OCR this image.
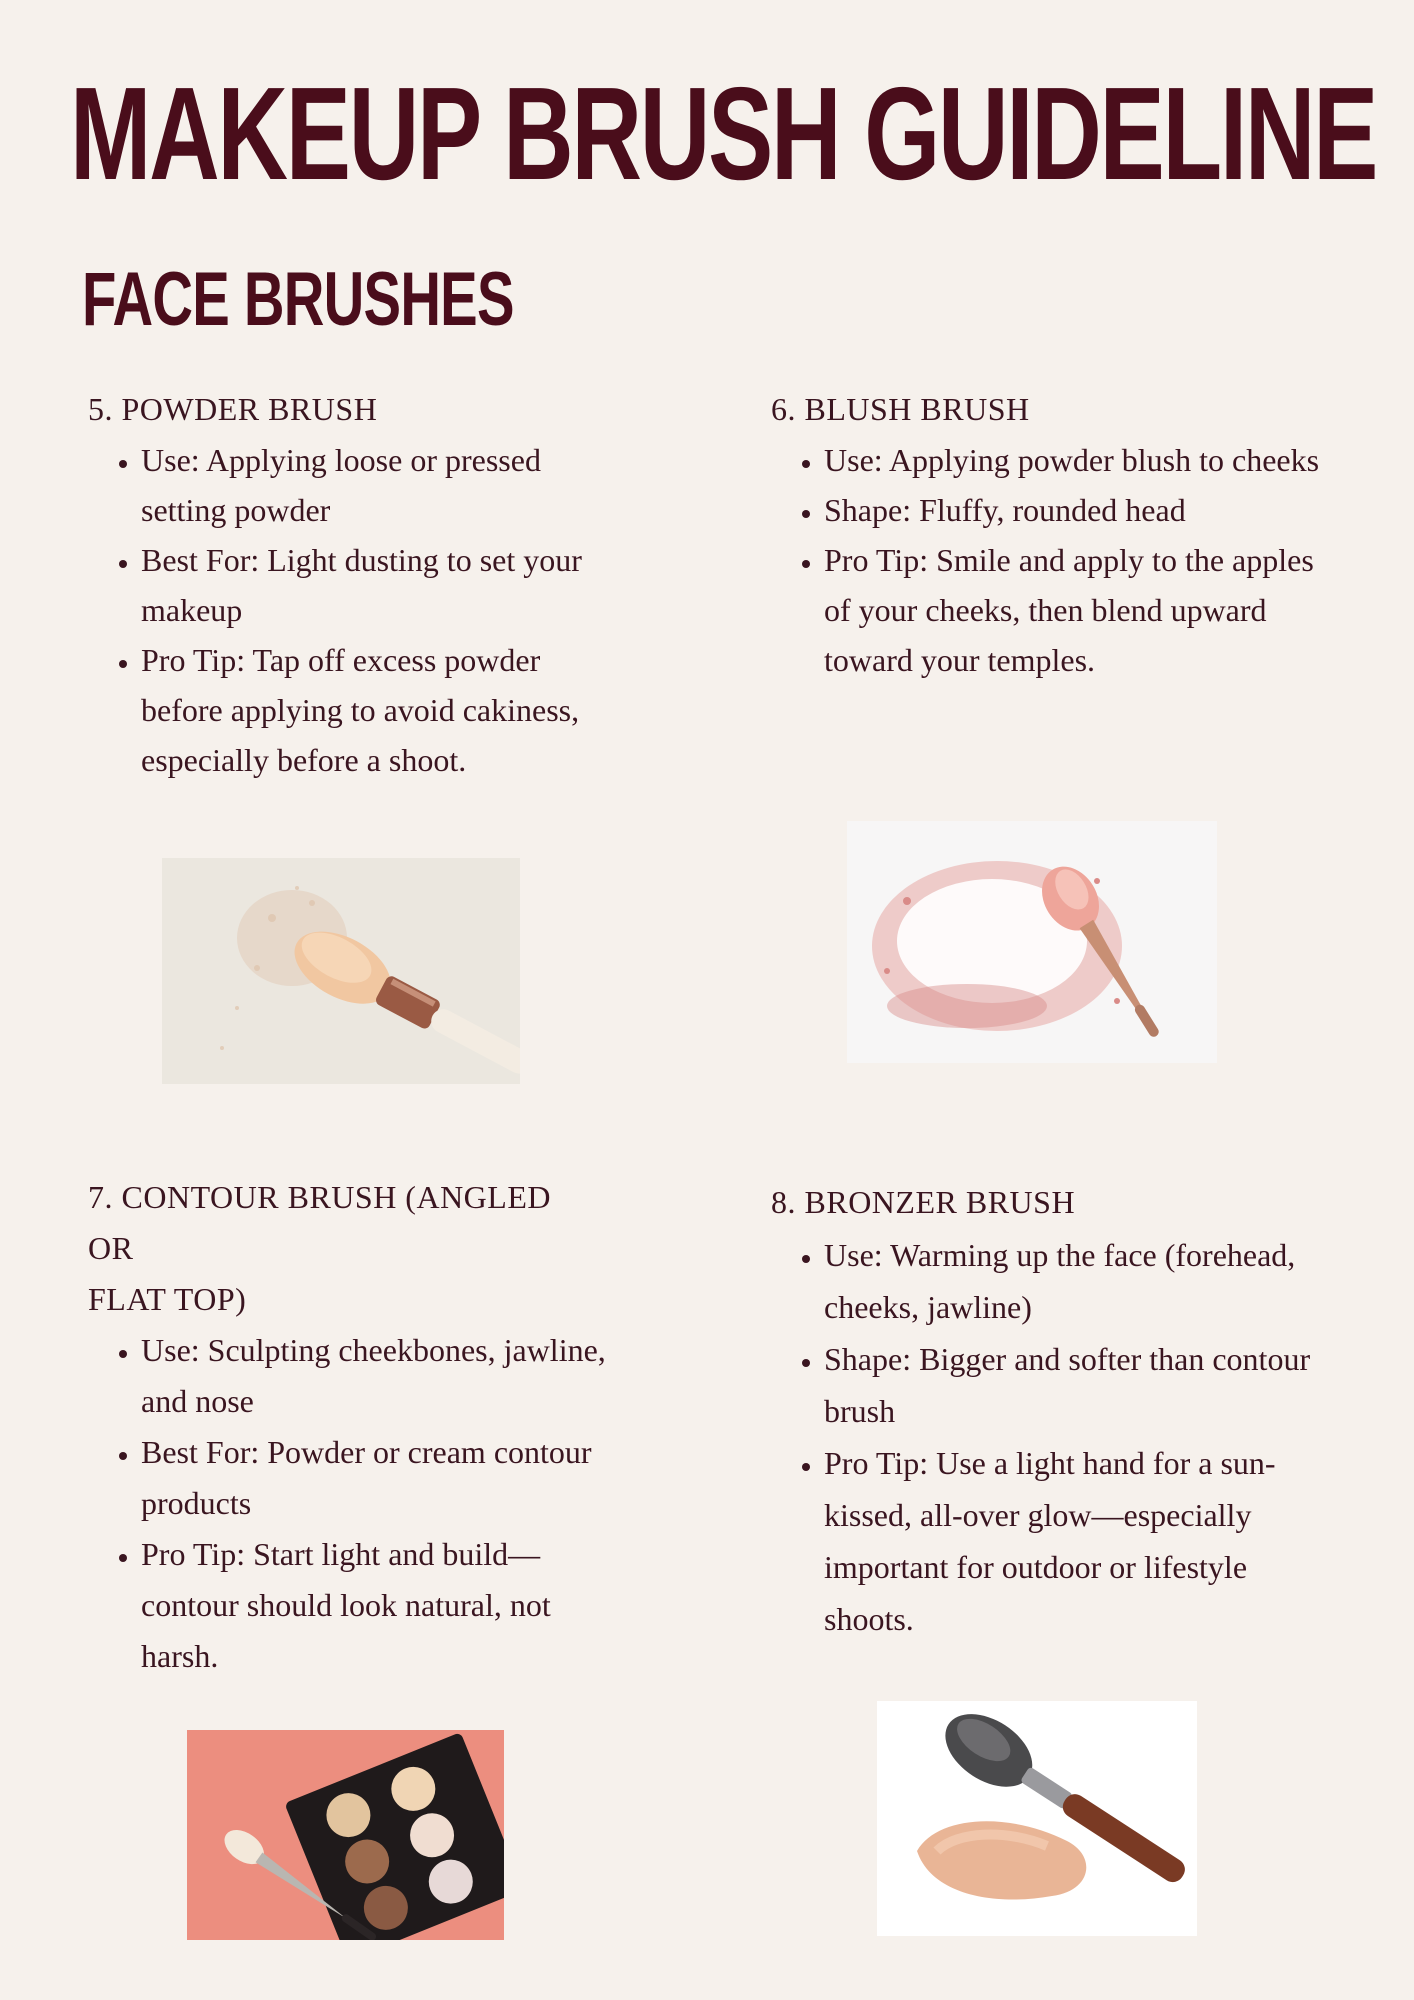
MAKEUP BRUSH GUIDELINE
FACE BRUSHES
5. POWDER BRUSH
• Use: Applying loose or pressed setting powder
• Best For: Light dusting to set your makeup
• Pro Tip: Tap off excess powder before applying to avoid cakiness, especially before a shoot.
6. BLUSH BRUSH
• Use: Applying powder blush to cheeks
• Shape: Fluffy, rounded head
• Pro Tip: Smile and apply to the apples of your cheeks, then blend upward toward your temples.
7. CONTOUR BRUSH (ANGLED
OR
FLAT TOP)
• Use: Sculpting cheekbones, jawline, and nose
• Best For: Powder or cream contour products
• Pro Tip: Start light and build—contour should look natural, not harsh.
8. BRONZER BRUSH
• Use: Warming up the face (forehead, cheeks, jawline)
• Shape: Bigger and softer than contour brush
• Pro Tip: Use a light hand for a sun-kissed, all-over glow—especially important for outdoor or lifestyle shoots.
